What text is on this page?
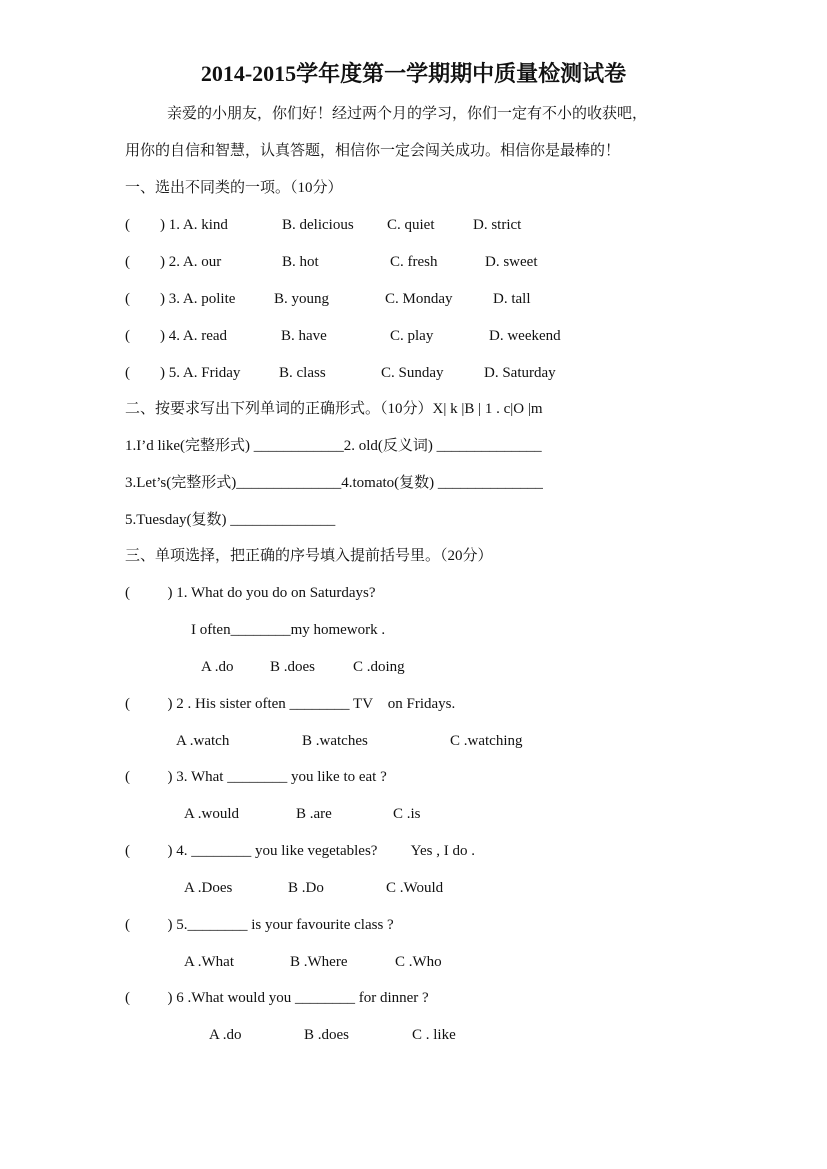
2014-2015学年度第一学期期中质量检测试卷
亲爱的小朋友，你们好！经过两个月的学习，你们一定有不小的收获吧，
用你的自信和智慧，认真答题，相信你一定会闯关成功。相信你是最棒的！
一、选出不同类的一项。（10分）
(        ) 1. A. kind	B. delicious C. quiet	D. strict
(        ) 2. A. our	B. hot	C. fresh	D. sweet
(        ) 3. A. polite	B. young	C. Monday	D. tall
(        ) 4. A. read	B. have	C. play	D. weekend
(        ) 5. A. Friday	B. class	C. Sunday	D. Saturday
二、按要求写出下列单词的正确形式。（10分）X| k |B | 1 . c|O |m
1.I’d like(完整形式) ____________2. old(反义词) ______________
3.Let’s(完整形式)______________4.tomato(复数) ______________
5.Tuesday(复数) ______________
三、单项选择，把正确的序号填入提前括号里。（20分）
(          ) 1. What do you do on Saturdays?
I often________my homework .
A .do B .does	C .doing
(          ) 2 . His sister often ________ TV    on Fridays.
A .watch	B .watches	C .watching
(          ) 3. What ________ you like to eat ?
A .would	B .are	C .is
(          ) 4. ________ you like vegetables?         Yes , I do .
A .Does	B .Do	C .Would
(          ) 5.________ is your favourite class ?
A .What	B .Where	C .Who
(          ) 6 .What would you ________ for dinner ?
A .do	B .does	C . like
